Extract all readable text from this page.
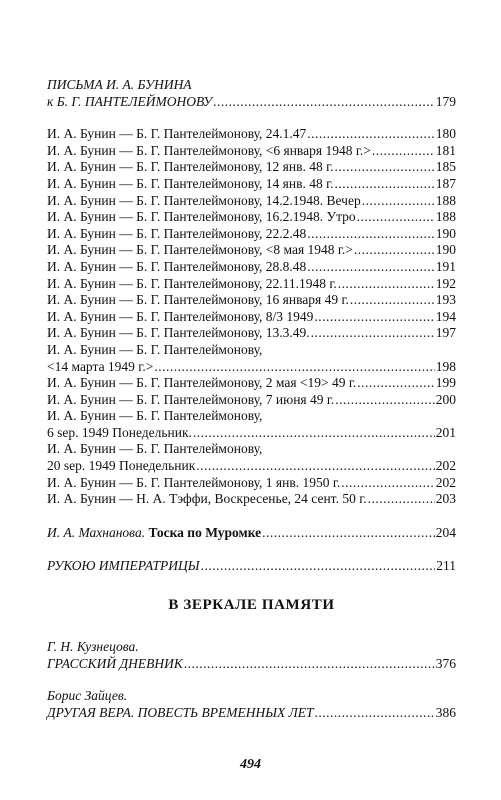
ПИСЬМА И. А. БУНИНА
к Б. Г. ПАНТЕЛЕЙМОНОВУ .....	179
И. А. Бунин — Б. Г. Пантелеймонову, 24.1.47 .....	180
И. А. Бунин — Б. Г. Пантелеймонову, <6 января 1948 г.> .....	181
И. А. Бунин — Б. Г. Пантелеймонову, 12 янв. 48 г. .....	185
И. А. Бунин — Б. Г. Пантелеймонову, 14 янв. 48 г. .....	187
И. А. Бунин — Б. Г. Пантелеймонову, 14.2.1948. Вечер .....	188
И. А. Бунин — Б. Г. Пантелеймонову, 16.2.1948. Утро .....	188
И. А. Бунин — Б. Г. Пантелеймонову, 22.2.48 .....	190
И. А. Бунин — Б. Г. Пантелеймонову, <8 мая 1948 г.> .....	190
И. А. Бунин — Б. Г. Пантелеймонову, 28.8.48 .....	191
И. А. Бунин — Б. Г. Пантелеймонову, 22.11.1948 г. .....	192
И. А. Бунин — Б. Г. Пантелеймонову, 16 января 49 г. .....	193
И. А. Бунин — Б. Г. Пантелеймонову, 8/3 1949 .....	194
И. А. Бунин — Б. Г. Пантелеймонову, 13.3.49. .....	197
И. А. Бунин — Б. Г. Пантелеймонову,
<14 марта 1949 г.> .....	198
И. А. Бунин — Б. Г. Пантелеймонову, 2 мая <19> 49 г. .....	199
И. А. Бунин — Б. Г. Пантелеймонову, 7 июня 49 г. .....	200
И. А. Бунин — Б. Г. Пантелеймонову,
6 sep. 1949 Понедельник. .....	201
И. А. Бунин — Б. Г. Пантелеймонову,
20 sep. 1949 Понедельник .....	202
И. А. Бунин — Б. Г. Пантелеймонову, 1 янв. 1950 г. .....	202
И. А. Бунин — Н. А. Тэффи, Воскресенье, 24 сент. 50 г. .....	203
И. А. Махнанова. Тоска по Муромке .....	204
РУКОЮ ИМПЕРАТРИЦЫ .....	211
В ЗЕРКАЛЕ ПАМЯТИ
Г. Н. Кузнецова.
ГРАССКИЙ ДНЕВНИК .....	376
Борис Зайцев.
ДРУГАЯ ВЕРА. ПОВЕСТЬ ВРЕМЕННЫХ ЛЕТ .....	386
494
